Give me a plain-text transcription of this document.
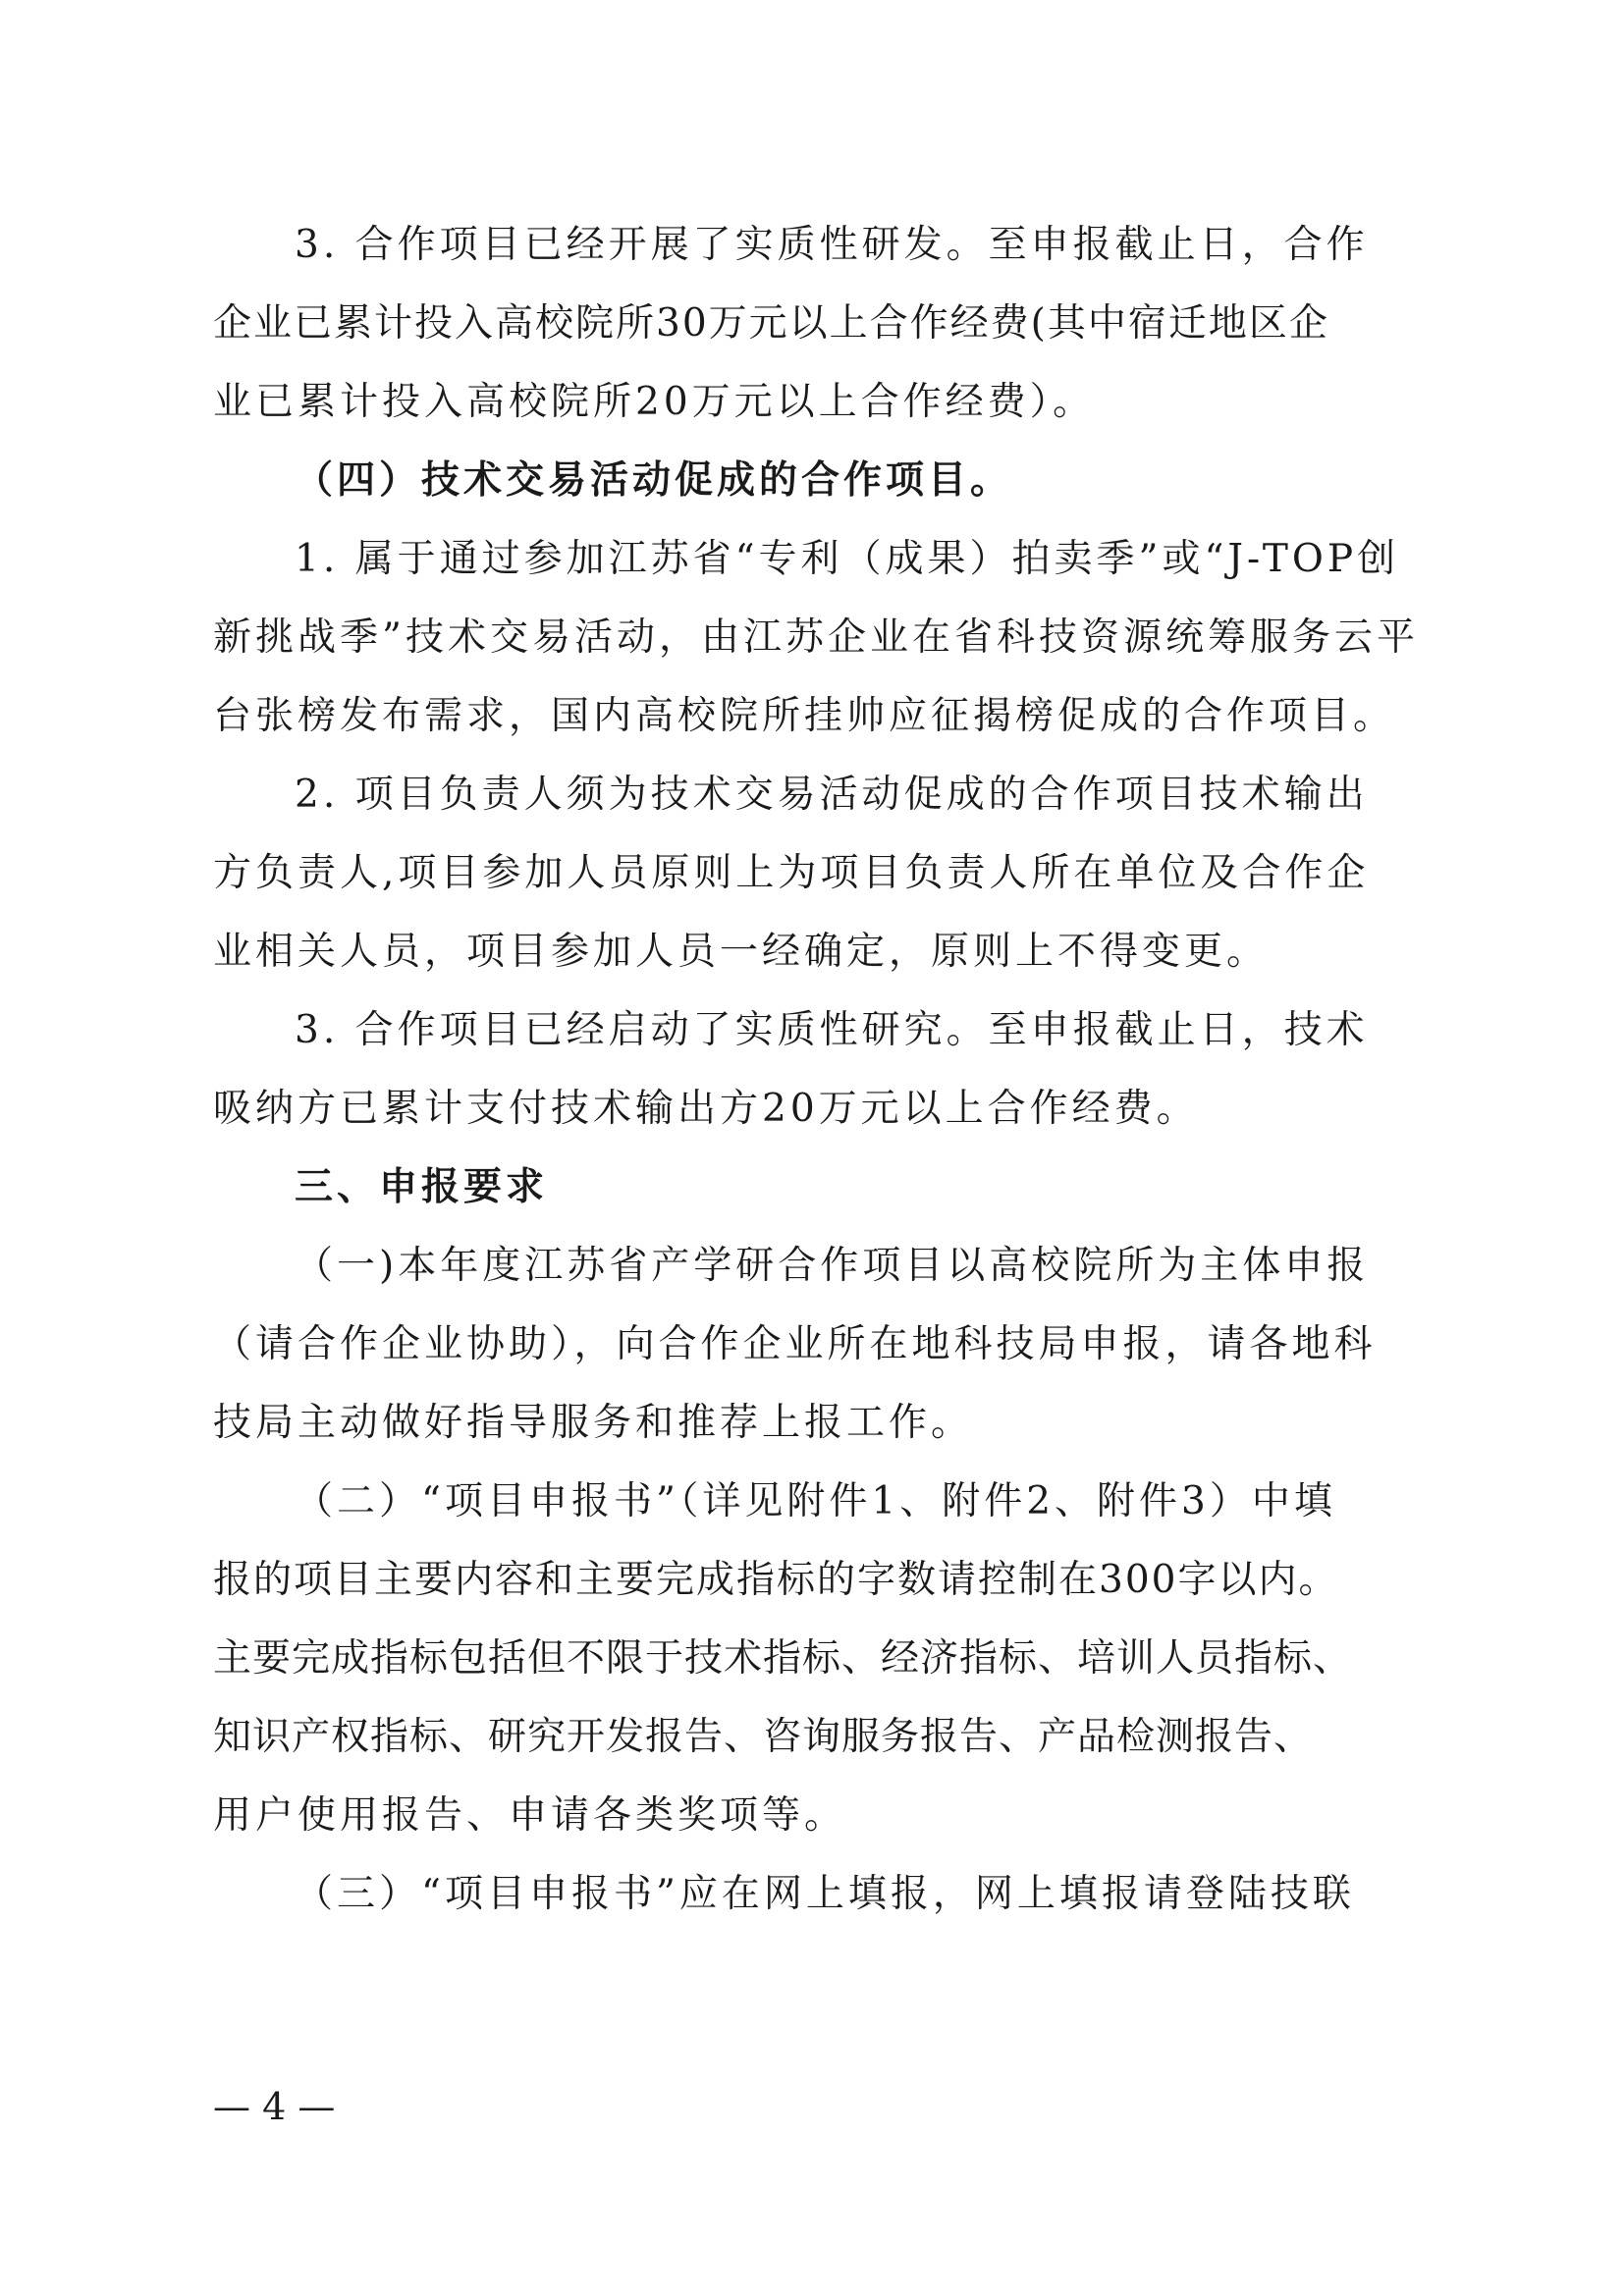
3. 合作项目已经开展了实质性研发。至申报截止日，合作
企业已累计投入高校院所30万元以上合作经费(其中宿迁地区企
业已累计投入高校院所20万元以上合作经费）。
（四）技术交易活动促成的合作项目。
1. 属于通过参加江苏省“专利（成果）拍卖季”或“J-TOP创
新挑战季”技术交易活动，由江苏企业在省科技资源统筹服务云平
台张榜发布需求，国内高校院所挂帅应征揭榜促成的合作项目。
2. 项目负责人须为技术交易活动促成的合作项目技术输出
方负责人,项目参加人员原则上为项目负责人所在单位及合作企
业相关人员，项目参加人员一经确定，原则上不得变更。
3. 合作项目已经启动了实质性研究。至申报截止日，技术
吸纳方已累计支付技术输出方20万元以上合作经费。
三、申报要求
（一)本年度江苏省产学研合作项目以高校院所为主体申报
（请合作企业协助），向合作企业所在地科技局申报，请各地科
技局主动做好指导服务和推荐上报工作。
（二）“项目申报书”（详见附件1、附件2、附件3）中填
报的项目主要内容和主要完成指标的字数请控制在300字以内。
主要完成指标包括但不限于技术指标、经济指标、培训人员指标、
知识产权指标、研究开发报告、咨询服务报告、产品检测报告、
用户使用报告、申请各类奖项等。
（三）“项目申报书”应在网上填报，网上填报请登陆技联
— 4 —
